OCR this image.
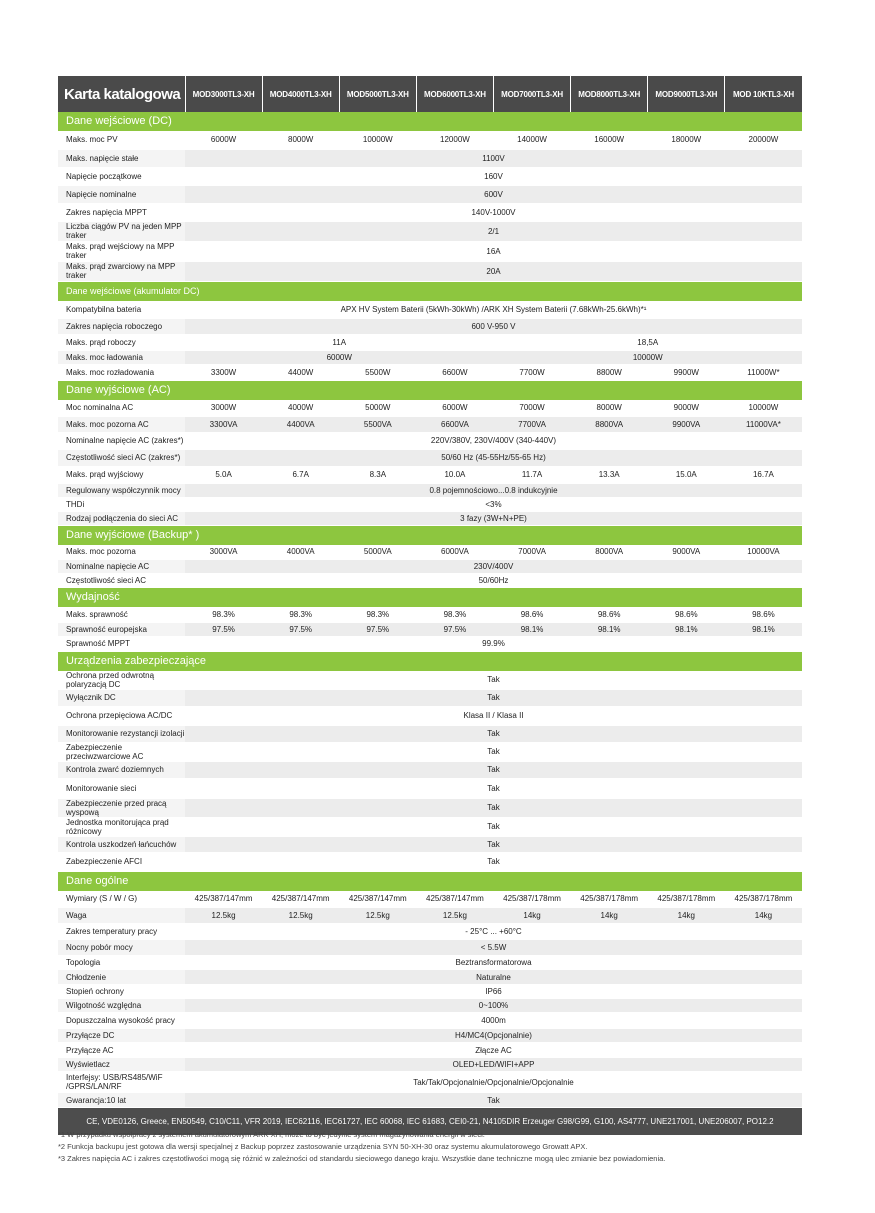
Karta katalogowa	MOD3000TL3-XH	MOD4000TL3-XH	MOD5000TL3-XH	MOD6000TL3-XH	MOD7000TL3-XH	MOD8000TL3-XH	MOD9000TL3-XH	MOD 10KTL3-XH
Dane wejściowe (DC)								
Maks. moc PV	6000W	8000W	10000W	12000W	14000W	16000W	18000W	20000W
Maks. napięcie stałe	1100V							
Napięcie początkowe	160V							
Napięcie nominalne	600V							
Zakres napięcia MPPT	140V-1000V							
Liczba ciągów PV na jeden MPP traker	2/1							
Maks. prąd wejściowy na MPP traker	16A							
Maks. prąd zwarciowy na MPP traker	20A							
Dane wejściowe (akumulator DC)								
Kompatybilna bateria	APX HV System Baterii (5kWh-30kWh) /ARK XH System Baterii (7.68kWh-25.6kWh)*¹							
Zakres napięcia roboczego	600 V-950 V							
Maks. prąd roboczy	11A				18,5A			
Maks. moc ładowania	6000W				10000W			
Maks. moc rozładowania	3300W	4400W	5500W	6600W	7700W	8800W	9900W	11000W*
Dane wyjściowe (AC)								
Moc nominalna AC	3000W	4000W	5000W	6000W	7000W	8000W	9000W	10000W
Maks. moc pozorna AC	3300VA	4400VA	5500VA	6600VA	7700VA	8800VA	9900VA	11000VA*
Nominalne napięcie AC (zakres*)	220V/380V, 230V/400V (340-440V)							
Częstotliwość sieci AC (zakres*)	50/60 Hz (45-55Hz/55-65 Hz)							
Maks. prąd wyjściowy	5.0A	6.7A	8.3A	10.0A	11.7A	13.3A	15.0A	16.7A
Regulowany współczynnik mocy	0.8 pojemnościowo...0.8 indukcyjnie							
THDi	<3%							
Rodzaj podłączenia do sieci AC	3 fazy (3W+N+PE)							
Dane wyjściowe (Backup* )								
Maks. moc pozorna	3000VA	4000VA	5000VA	6000VA	7000VA	8000VA	9000VA	10000VA
Nominalne napięcie AC	230V/400V							
Częstotliwość sieci AC	50/60Hz							
Wydajność								
Maks. sprawność	98.3%	98.3%	98.3%	98.3%	98.6%	98.6%	98.6%	98.6%
Sprawność europejska	97.5%	97.5%	97.5%	97.5%	98.1%	98.1%	98.1%	98.1%
Sprawność MPPT	99.9%							
Urządzenia zabezpieczające								
Ochrona przed odwrotną polaryzacją DC	Tak							
Wyłącznik DC	Tak							
Ochrona przepięciowa AC/DC	Klasa II / Klasa II							
Monitorowanie rezystancji izolacji	Tak							
Zabezpieczenie przeciwzwarciowe AC	Tak							
Kontrola zwarć doziemnych	Tak							
Monitorowanie sieci	Tak							
Zabezpieczenie przed pracą wyspową	Tak							
Jednostka monitorująca prąd różnicowy	Tak							
Kontrola uszkodzeń łańcuchów	Tak							
Zabezpieczenie AFCI	Tak							
Dane ogólne								
Wymiary (S / W / G)	425/387/147mm	425/387/147mm	425/387/147mm	425/387/147mm	425/387/178mm	425/387/178mm	425/387/178mm	425/387/178mm
Waga	12.5kg	12.5kg	12.5kg	12.5kg	14kg	14kg	14kg	14kg
Zakres temperatury pracy	- 25°C ... +60°C							
Nocny pobór mocy	< 5.5W							
Topologia	Beztransformatorowa							
Chłodzenie	Naturalne							
Stopień ochrony	IP66							
Wilgotność względna	0~100%							
Dopuszczalna wysokość pracy	4000m							
Przyłącze DC	H4/MC4(Opcjonalnie)							
Przyłącze AC	Złącze AC							
Wyświetlacz	OLED+LED/WIFI+APP							
Interfejsy: USB/RS485/WiF /GPRS/LAN/RF	Tak/Tak/Opcjonalnie/Opcjonalnie/Opcjonalnie							
Gwarancja:10 lat	Tak							
CE, VDE0126, Greece, EN50549, C10/C11, VFR 2019, IEC62116, IEC61727, IEC 60068, IEC 61683, CEI0-21, N4105DIR Erzeuger G98/G99, G100, AS4777, UNE217001, UNE206007, PO12.2								
*1 W przypadku współpracy z systemem akumulatorowym ARK XH, może to być jedynie system magazynowania energii w sieci.
*2 Funkcja backupu jest gotowa dla wersji specjalnej z Backup poprzez zastosowanie urządzenia SYN 50-XH-30 oraz systemu akumulatorowego Growatt APX.
*3 Zakres napięcia AC i zakres częstotliwości mogą się różnić w zależności od standardu sieciowego danego kraju. Wszystkie dane techniczne mogą ulec zmianie bez powiadomienia.
